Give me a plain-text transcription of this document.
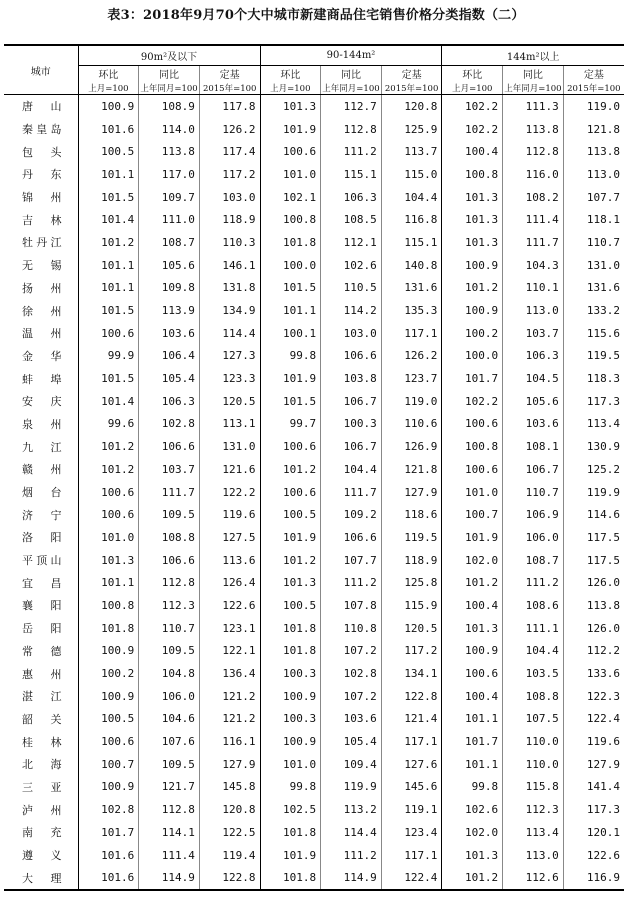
表3：2018年9月70个大中城市新建商品住宅销售价格分类指数（二）
城市	90m²及以下			90-144m²			144m²以上		
	环比	同比	定基	环比	同比	定基	环比	同比	定基
	上月=100	上年同月=100	2015年=100	上月=100	上年同月=100	2015年=100	上月=100	上年同月=100	2015年=100
唐山	100.9	108.9	117.8	101.3	112.7	120.8	102.2	111.3	119.0
秦皇岛	101.6	114.0	126.2	101.9	112.8	125.9	102.2	113.8	121.8
包头	100.5	113.8	117.4	100.6	111.2	113.7	100.4	112.8	113.8
丹东	101.1	117.0	117.2	101.0	115.1	115.0	100.8	116.0	113.0
锦州	101.5	109.7	103.0	102.1	106.3	104.4	101.3	108.2	107.7
吉林	101.4	111.0	118.9	100.8	108.5	116.8	101.3	111.4	118.1
牡丹江	101.2	108.7	110.3	101.8	112.1	115.1	101.3	111.7	110.7
无锡	101.1	105.6	146.1	100.0	102.6	140.8	100.9	104.3	131.0
扬州	101.1	109.8	131.8	101.5	110.5	131.6	101.2	110.1	131.6
徐州	101.5	113.9	134.9	101.1	114.2	135.3	100.9	113.0	133.2
温州	100.6	103.6	114.4	100.1	103.0	117.1	100.2	103.7	115.6
金华	99.9	106.4	127.3	99.8	106.6	126.2	100.0	106.3	119.5
蚌埠	101.5	105.4	123.3	101.9	103.8	123.7	101.7	104.5	118.3
安庆	101.4	106.3	120.5	101.5	106.7	119.0	102.2	105.6	117.3
泉州	99.6	102.8	113.1	99.7	100.3	110.6	100.6	103.6	113.4
九江	101.2	106.6	131.0	100.6	106.7	126.9	100.8	108.1	130.9
赣州	101.2	103.7	121.6	101.2	104.4	121.8	100.6	106.7	125.2
烟台	100.6	111.7	122.2	100.6	111.7	127.9	101.0	110.7	119.9
济宁	100.6	109.5	119.6	100.5	109.2	118.6	100.7	106.9	114.6
洛阳	101.0	108.8	127.5	101.9	106.6	119.5	101.9	106.0	117.5
平顶山	101.3	106.6	113.6	101.2	107.7	118.9	102.0	108.7	117.5
宜昌	101.1	112.8	126.4	101.3	111.2	125.8	101.2	111.2	126.0
襄阳	100.8	112.3	122.6	100.5	107.8	115.9	100.4	108.6	113.8
岳阳	101.8	110.7	123.1	101.8	110.8	120.5	101.3	111.1	126.0
常德	100.9	109.5	122.1	101.8	107.2	117.2	100.9	104.4	112.2
惠州	100.2	104.8	136.4	100.3	102.8	134.1	100.6	103.5	133.6
湛江	100.9	106.0	121.2	100.9	107.2	122.8	100.4	108.8	122.3
韶关	100.5	104.6	121.2	100.3	103.6	121.4	101.1	107.5	122.4
桂林	100.6	107.6	116.1	100.9	105.4	117.1	101.7	110.0	119.6
北海	100.7	109.5	127.9	101.0	109.4	127.6	101.1	110.0	127.9
三亚	100.9	121.7	145.8	99.8	119.9	145.6	99.8	115.8	141.4
泸州	102.8	112.8	120.8	102.5	113.2	119.1	102.6	112.3	117.3
南充	101.7	114.1	122.5	101.8	114.4	123.4	102.0	113.4	120.1
遵义	101.6	111.4	119.4	101.9	111.2	117.1	101.3	113.0	122.6
大理	101.6	114.9	122.8	101.8	114.9	122.4	101.2	112.6	116.9
